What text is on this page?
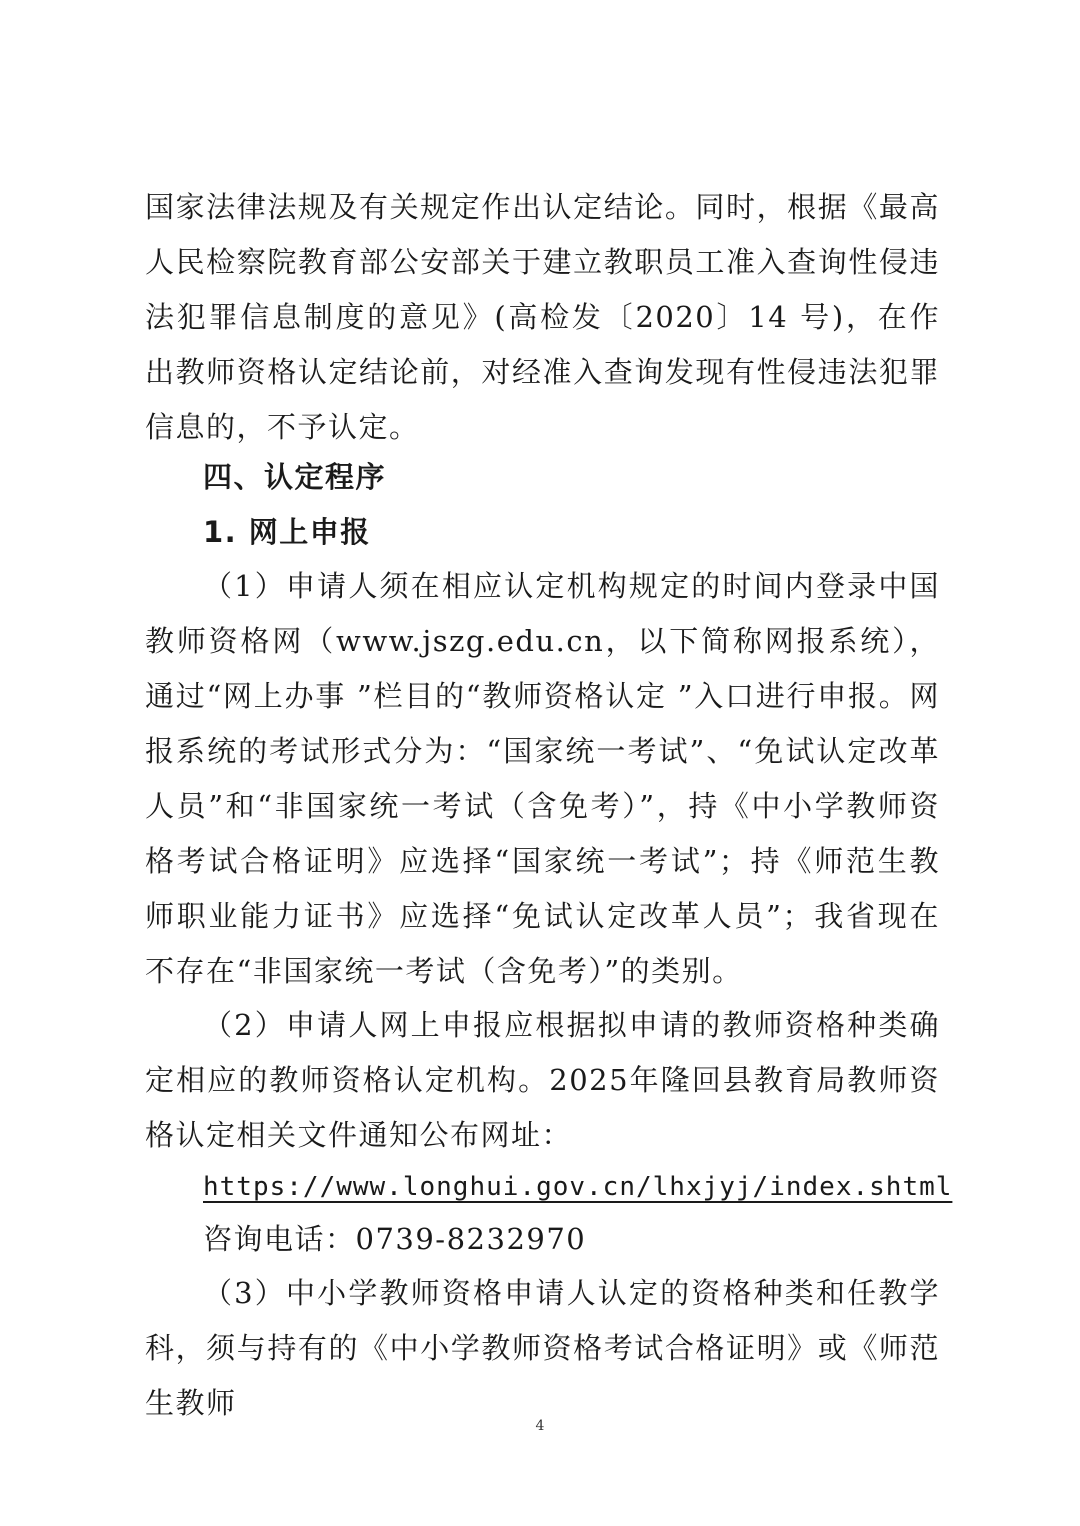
国家法律法规及有关规定作出认定结论。同时，根据《最高人民检察院教育部公安部关于建立教职员工准入查询性侵违法犯罪信息制度的意见》(高检发〔2020〕14 号)，在作出教师资格认定结论前，对经准入查询发现有性侵违法犯罪信息的，不予认定。

四、认定程序

1. 网上申报

（1）申请人须在相应认定机构规定的时间内登录中国教师资格网（www.jszg.edu.cn，以下简称网报系统），通过“网上办事 ”栏目的“教师资格认定 ”入口进行申报。网报系统的考试形式分为：“国家统一考试”、“免试认定改革人员”和“非国家统一考试（含免考）”，持《中小学教师资格考试合格证明》应选择“国家统一考试”；持《师范生教师职业能力证书》应选择“免试认定改革人员”；我省现在不存在“非国家统一考试（含免考）”的类别。

（2）申请人网上申报应根据拟申请的教师资格种类确定相应的教师资格认定机构。2025年隆回县教育局教师资格认定相关文件通知公布网址：

https://www.longhui.gov.cn/lhxjyj/index.shtml

咨询电话：0739-8232970

（3）中小学教师资格申请人认定的资格种类和任教学科，须与持有的《中小学教师资格考试合格证明》或《师范生教师

4
